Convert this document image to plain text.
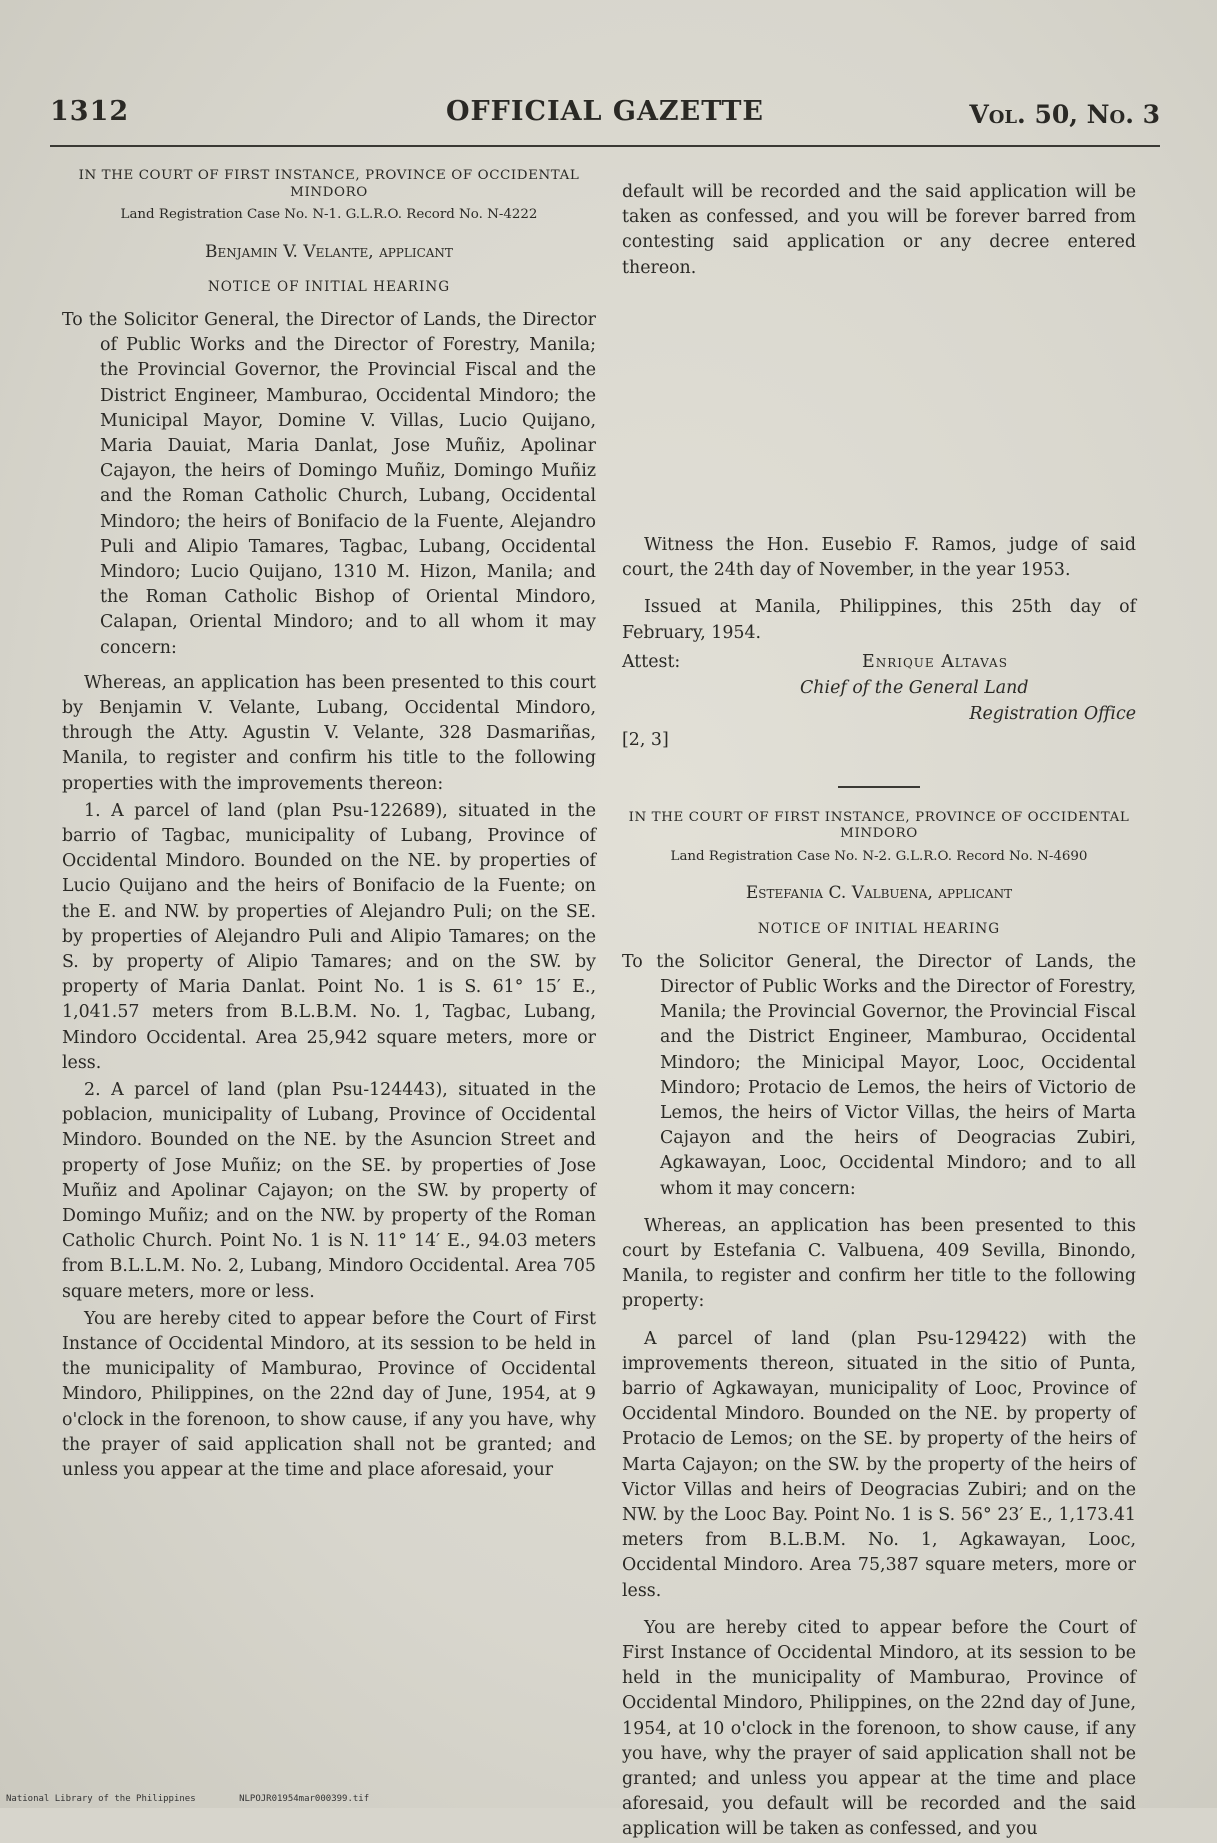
1312	OFFICIAL GAZETTE	Vol. 50, No. 3

IN THE COURT OF FIRST INSTANCE, PROVINCE OF OCCIDENTAL MINDORO

Land Registration Case No. N-1. G.L.R.O. Record No. N-4222

Benjamin V. Velante, applicant

NOTICE OF INITIAL HEARING

To the Solicitor General, the Director of Lands, the Director of Public Works and the Director of Forestry, Manila; the Provincial Governor, the Provincial Fiscal and the District Engineer, Mamburao, Occidental Mindoro; the Municipal Mayor, Domine V. Villas, Lucio Quijano, Maria Dauiat, Maria Danlat, Jose Muñiz, Apolinar Cajayon, the heirs of Domingo Muñiz, Domingo Muñiz and the Roman Catholic Church, Lubang, Occidental Mindoro; the heirs of Bonifacio de la Fuente, Alejandro Puli and Alipio Tamares, Tagbac, Lubang, Occidental Mindoro; Lucio Quijano, 1310 M. Hizon, Manila; and the Roman Catholic Bishop of Oriental Mindoro, Calapan, Oriental Mindoro; and to all whom it may concern:

Whereas, an application has been presented to this court by Benjamin V. Velante, Lubang, Occidental Mindoro, through the Atty. Agustin V. Velante, 328 Dasmariñas, Manila, to register and confirm his title to the following properties with the improvements thereon:

1. A parcel of land (plan Psu-122689), situated in the barrio of Tagbac, municipality of Lubang, Province of Occidental Mindoro. Bounded on the NE. by properties of Lucio Quijano and the heirs of Bonifacio de la Fuente; on the E. and NW. by properties of Alejandro Puli; on the SE. by properties of Alejandro Puli and Alipio Tamares; on the S. by property of Alipio Tamares; and on the SW. by property of Maria Danlat. Point No. 1 is S. 61° 15′ E., 1,041.57 meters from B.L.B.M. No. 1, Tagbac, Lubang, Mindoro Occidental. Area 25,942 square meters, more or less.

2. A parcel of land (plan Psu-124443), situated in the poblacion, municipality of Lubang, Province of Occidental Mindoro. Bounded on the NE. by the Asuncion Street and property of Jose Muñiz; on the SE. by properties of Jose Muñiz and Apolinar Cajayon; on the SW. by property of Domingo Muñiz; and on the NW. by property of the Roman Catholic Church. Point No. 1 is N. 11° 14′ E., 94.03 meters from B.L.L.M. No. 2, Lubang, Mindoro Occidental. Area 705 square meters, more or less.

You are hereby cited to appear before the Court of First Instance of Occidental Mindoro, at its session to be held in the municipality of Mamburao, Province of Occidental Mindoro, Philippines, on the 22nd day of June, 1954, at 9 o'clock in the forenoon, to show cause, if any you have, why the prayer of said application shall not be granted; and unless you appear at the time and place aforesaid, your

Witness the Hon. Eusebio F. Ramos, judge of said court, the 24th day of November, in the year 1953.

Issued at Manila, Philippines, this 25th day of February, 1954.

Attest:	Enrique Altavas
Chief of the General Land
Registration Office
[2, 3]

IN THE COURT OF FIRST INSTANCE, PROVINCE OF OCCIDENTAL MINDORO

Land Registration Case No. N-2. G.L.R.O. Record No. N-4690

Estefania C. Valbuena, applicant

NOTICE OF INITIAL HEARING

To the Solicitor General, the Director of Lands, the Director of Public Works and the Director of Forestry, Manila; the Provincial Governor, the Provincial Fiscal and the District Engineer, Mamburao, Occidental Mindoro; the Minicipal Mayor, Looc, Occidental Mindoro; Protacio de Lemos, the heirs of Victorio de Lemos, the heirs of Victor Villas, the heirs of Marta Cajayon and the heirs of Deogracias Zubiri, Agkawayan, Looc, Occidental Mindoro; and to all whom it may concern:

Whereas, an application has been presented to this court by Estefania C. Valbuena, 409 Sevilla, Binondo, Manila, to register and confirm her title to the following property:

A parcel of land (plan Psu-129422) with the improvements thereon, situated in the sitio of Punta, barrio of Agkawayan, municipality of Looc, Province of Occidental Mindoro. Bounded on the NE. by property of Protacio de Lemos; on the SE. by property of the heirs of Marta Cajayon; on the SW. by the property of the heirs of Victor Villas and heirs of Deogracias Zubiri; and on the NW. by the Looc Bay. Point No. 1 is S. 56° 23′ E., 1,173.41 meters from B.L.B.M. No. 1, Agkawayan, Looc, Occidental Mindoro. Area 75,387 square meters, more or less.

You are hereby cited to appear before the Court of First Instance of Occidental Mindoro, at its session to be held in the municipality of Mamburao, Province of Occidental Mindoro, Philippines, on the 22nd day of June, 1954, at 10 o'clock in the forenoon, to show cause, if any you have, why the prayer of said application shall not be granted; and unless you appear at the time and place aforesaid, you default will be recorded and the said application will be taken as confessed, and you

default will be recorded and the said application will be taken as confessed, and you will be forever barred from contesting said application or any decree entered thereon.

National Library of the Philippines	NLPOJR01954mar000399.tif
